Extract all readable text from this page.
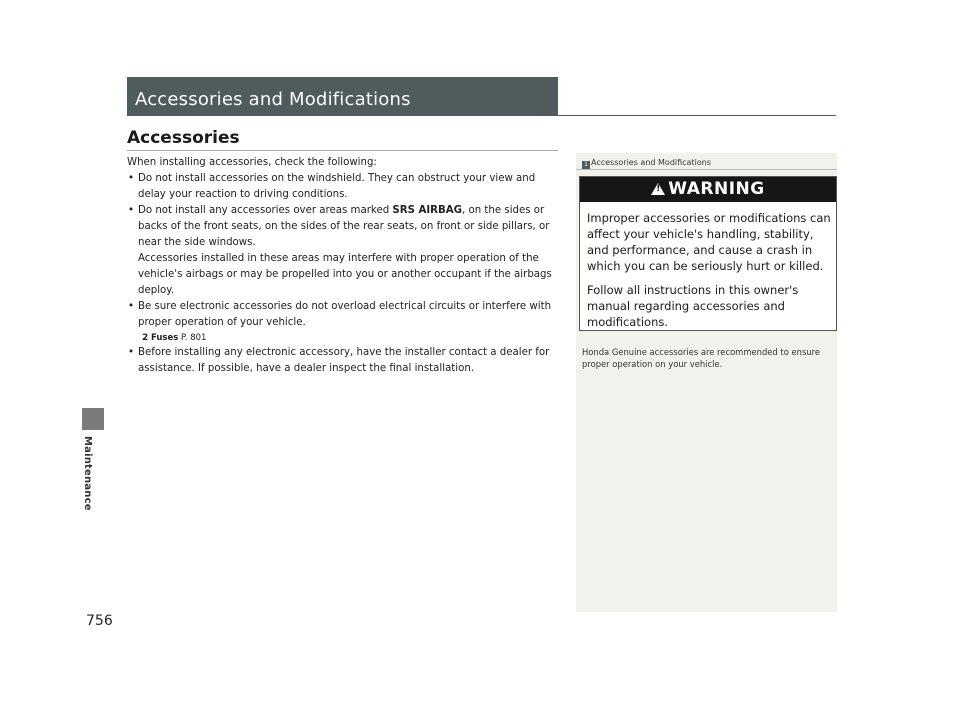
Maintenance
756
Accessories and Modifications
Accessories

When installing accessories, check the following:

• Do not install accessories on the windshield. They can obstruct your view and delay your reaction to driving conditions.
• Do not install any accessories over areas marked SRS AIRBAG, on the sides or backs of the front seats, on the sides of the rear seats, on front or side pillars, or near the side windows.
Accessories installed in these areas may interfere with proper operation of the vehicle's airbags or may be propelled into you or another occupant if the airbags deploy.
• Be sure electronic accessories do not overload electrical circuits or interfere with proper operation of your vehicle.
2 Fuses P. 801
• Before installing any electronic accessory, have the installer contact a dealer for assistance. If possible, have a dealer inspect the final installation.
1 Accessories and Modifications
!WARNING

Improper accessories or modifications can affect your vehicle's handling, stability, and performance, and cause a crash in which you can be seriously hurt or killed.

Follow all instructions in this owner's manual regarding accessories and modifications.

Honda Genuine accessories are recommended to ensure proper operation on your vehicle.
